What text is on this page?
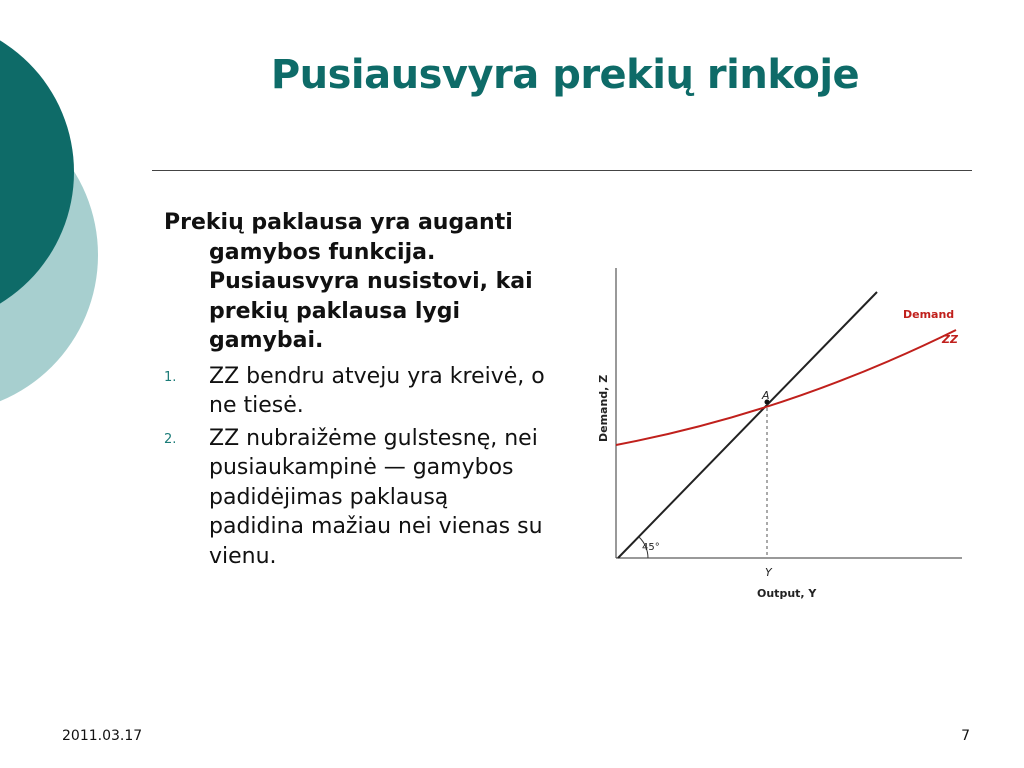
Pusiausvyra prekių rinkoje

Prekių paklausa yra auganti gamybos funkcija. Pusiausvyra nusistovi, kai prekių paklausa lygi gamybai.

1. ZZ bendru atveju yra kreivė, o ne tiesė.
2. ZZ nubraižėme gulstesnę, nei pusiaukampinė — gamybos padidėjimas paklausą padidina mažiau nei vienas su vienu.	45°
A
Y
Output, Y
Demand, Z
Demand
ZZ
2011.03.17	7
